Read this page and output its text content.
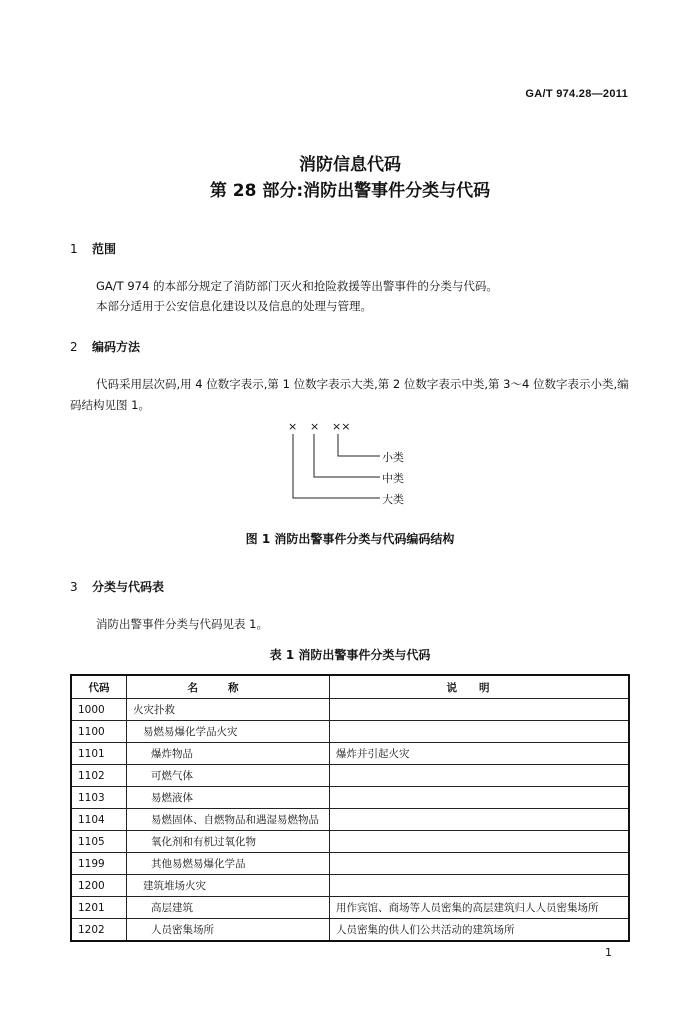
GA/T 974.28—2011
消防信息代码
第 28 部分:消防出警事件分类与代码
1 范围
GA/T 974 的本部分规定了消防部门灭火和抢险救援等出警事件的分类与代码。
本部分适用于公安信息化建设以及信息的处理与管理。
2 编码方法
代码采用层次码,用 4 位数字表示,第 1 位数字表示大类,第 2 位数字表示中类,第 3～4 位数字表示小类,编码结构见图 1。
× × ××
小类
中类
大类
图 1 消防出警事件分类与代码编码结构
3 分类与代码表
消防出警事件分类与代码见表 1。
表 1 消防出警事件分类与代码
代码	名称	说明
1000	火灾扑救	
1100	易燃易爆化学品火灾	
1101	爆炸物品	爆炸并引起火灾
1102	可燃气体	
1103	易燃液体	
1104	易燃固体、自燃物品和遇湿易燃物品	
1105	氧化剂和有机过氧化物	
1199	其他易燃易爆化学品	
1200	建筑堆场火灾	
1201	高层建筑	用作宾馆、商场等人员密集的高层建筑归人人员密集场所
1202	人员密集场所	人员密集的供人们公共活动的建筑场所
1
